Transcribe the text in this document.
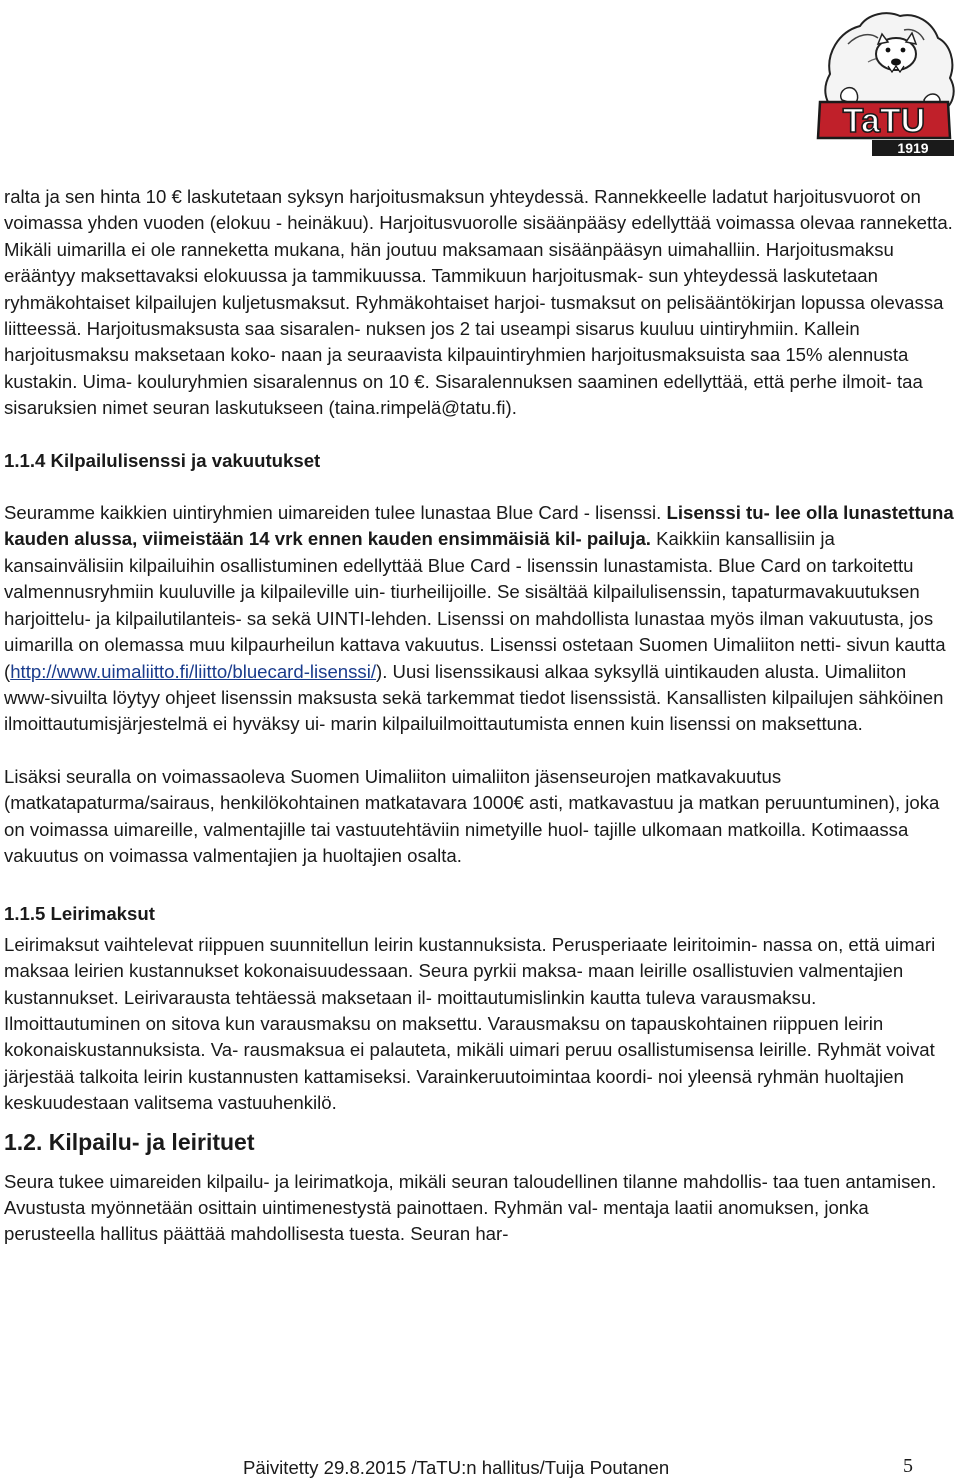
TaTU
1919
ralta ja sen hinta 10 € laskutetaan syksyn harjoitusmaksun yhteydessä. Rannekkeelle ladatut harjoitusvuorot on voimassa yhden vuoden (elokuu - heinäkuu). Harjoitusvuorolle sisäänpääsy edellyttää voimassa olevaa ranneketta. Mikäli uimarilla ei ole ranneketta mukana, hän joutuu maksamaan sisäänpääsyn uimahalliin. Harjoitusmaksu erääntyy maksettavaksi elokuussa ja tammikuussa. Tammikuun harjoitusmak- sun yhteydessä laskutetaan ryhmäkohtaiset kilpailujen kuljetusmaksut. Ryhmäkohtaiset harjoi- tusmaksut on pelisääntökirjan lopussa olevassa liitteessä. Harjoitusmaksusta saa sisaralen- nuksen jos 2 tai useampi sisarus kuuluu uintiryhmiin. Kallein harjoitusmaksu maksetaan koko- naan ja seuraavista kilpauintiryhmien harjoitusmaksuista saa 15% alennusta kustakin. Uima- kouluryhmien sisaralennus on 10 €. Sisaralennuksen saaminen edellyttää, että perhe ilmoit- taa sisaruksien nimet seuran laskutukseen (taina.rimpelä@tatu.fi).
1.1.4 Kilpailulisenssi ja vakuutukset
Seuramme kaikkien uintiryhmien uimareiden tulee lunastaa Blue Card - lisenssi. Lisenssi tu- lee olla lunastettuna kauden alussa, viimeistään 14 vrk ennen kauden ensimmäisiä kil- pailuja. Kaikkiin kansallisiin ja kansainvälisiin kilpailuihin osallistuminen edellyttää Blue Card - lisenssin lunastamista. Blue Card on tarkoitettu valmennusryhmiin kuuluville ja kilpaileville uin- tiurheilijoille. Se sisältää kilpailulisenssin, tapaturmavakuutuksen harjoittelu- ja kilpailutilanteis- sa sekä UINTI-lehden. Lisenssi on mahdollista lunastaa myös ilman vakuutusta, jos uimarilla on olemassa muu kilpaurheilun kattava vakuutus. Lisenssi ostetaan Suomen Uimaliiton netti- sivun kautta (http://www.uimaliitto.fi/liitto/bluecard-lisenssi/). Uusi lisenssikausi alkaa syksyllä uintikauden alusta. Uimaliiton www-sivuilta löytyy ohjeet lisenssin maksusta sekä tarkemmat tiedot lisenssistä. Kansallisten kilpailujen sähköinen ilmoittautumisjärjestelmä ei hyväksy ui- marin kilpailuilmoittautumista ennen kuin lisenssi on maksettuna.
Lisäksi seuralla on voimassaoleva Suomen Uimaliiton uimaliiton jäsenseurojen matkavakuutus (matkatapaturma/sairaus, henkilökohtainen matkatavara 1000€ asti, matkavastuu ja matkan peruuntuminen), joka on voimassa uimareille, valmentajille tai vastuutehtäviin nimetyille huol- tajille ulkomaan matkoilla. Kotimaassa vakuutus on voimassa valmentajien ja huoltajien osalta.
1.1.5 Leirimaksut
Leirimaksut vaihtelevat riippuen suunnitellun leirin kustannuksista. Perusperiaate leiritoimin- nassa on, että uimari maksaa leirien kustannukset kokonaisuudessaan. Seura pyrkii maksa- maan leirille osallistuvien valmentajien kustannukset. Leirivarausta tehtäessä maksetaan il- moittautumislinkin kautta tuleva varausmaksu. Ilmoittautuminen on sitova kun varausmaksu on maksettu. Varausmaksu on tapauskohtainen riippuen leirin kokonaiskustannuksista. Va- rausmaksua ei palauteta, mikäli uimari peruu osallistumisensa leirille. Ryhmät voivat järjestää talkoita leirin kustannusten kattamiseksi. Varainkeruutoimintaa koordi- noi yleensä ryhmän huoltajien keskuudestaan valitsema vastuuhenkilö.
1.2. Kilpailu- ja leirituet
Seura tukee uimareiden kilpailu- ja leirimatkoja, mikäli seuran taloudellinen tilanne mahdollis- taa tuen antamisen. Avustusta myönnetään osittain uintimenestystä painottaen. Ryhmän val- mentaja laatii anomuksen, jonka perusteella hallitus päättää mahdollisesta tuesta. Seuran har-
Päivitetty 29.8.2015 /TaTU:n hallitus/Tuija Poutanen	5
